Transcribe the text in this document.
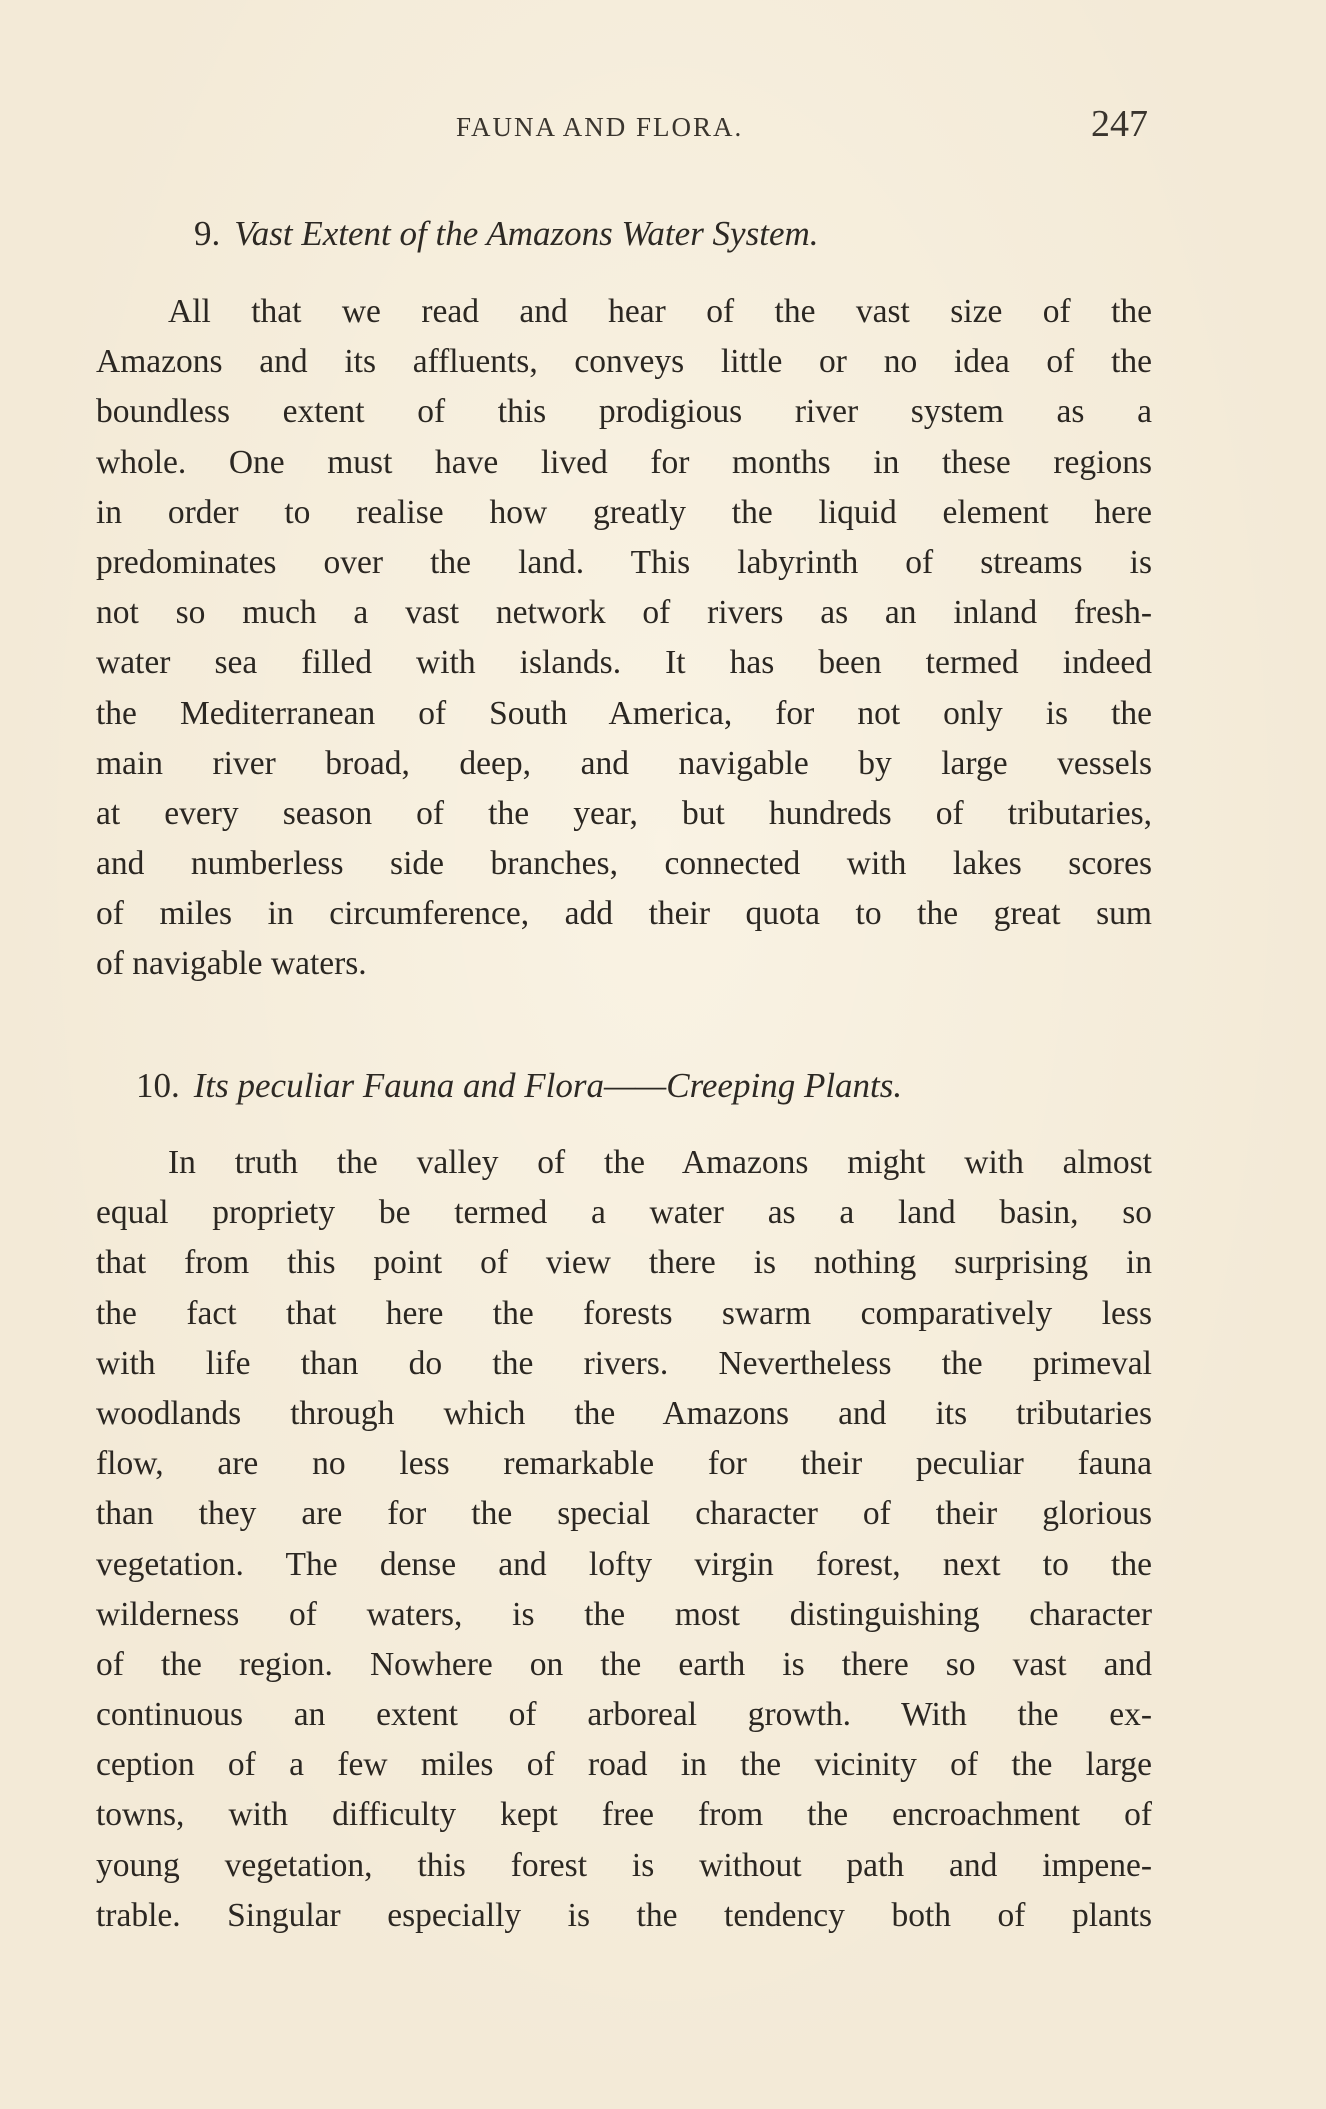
FAUNA AND FLORA.	247
9. Vast Extent of the Amazons Water System.
All that we read and hear of the vast size of the
Amazons and its affluents, conveys little or no idea of the
boundless extent of this prodigious river system as a
whole. One must have lived for months in these regions
in order to realise how greatly the liquid element here
predominates over the land. This labyrinth of streams is
not so much a vast network of rivers as an inland fresh-
water sea filled with islands. It has been termed indeed
the Mediterranean of South America, for not only is the
main river broad, deep, and navigable by large vessels
at every season of the year, but hundreds of tributaries,
and numberless side branches, connected with lakes scores
of miles in circumference, add their quota to the great sum
of navigable waters.
10. Its peculiar Fauna and Flora——Creeping Plants.
In truth the valley of the Amazons might with almost
equal propriety be termed a water as a land basin, so
that from this point of view there is nothing surprising in
the fact that here the forests swarm comparatively less
with life than do the rivers. Nevertheless the primeval
woodlands through which the Amazons and its tributaries
flow, are no less remarkable for their peculiar fauna
than they are for the special character of their glorious
vegetation. The dense and lofty virgin forest, next to the
wilderness of waters, is the most distinguishing character
of the region. Nowhere on the earth is there so vast and
continuous an extent of arboreal growth. With the ex-
ception of a few miles of road in the vicinity of the large
towns, with difficulty kept free from the encroachment of
young vegetation, this forest is without path and impene-
trable. Singular especially is the tendency both of plants
